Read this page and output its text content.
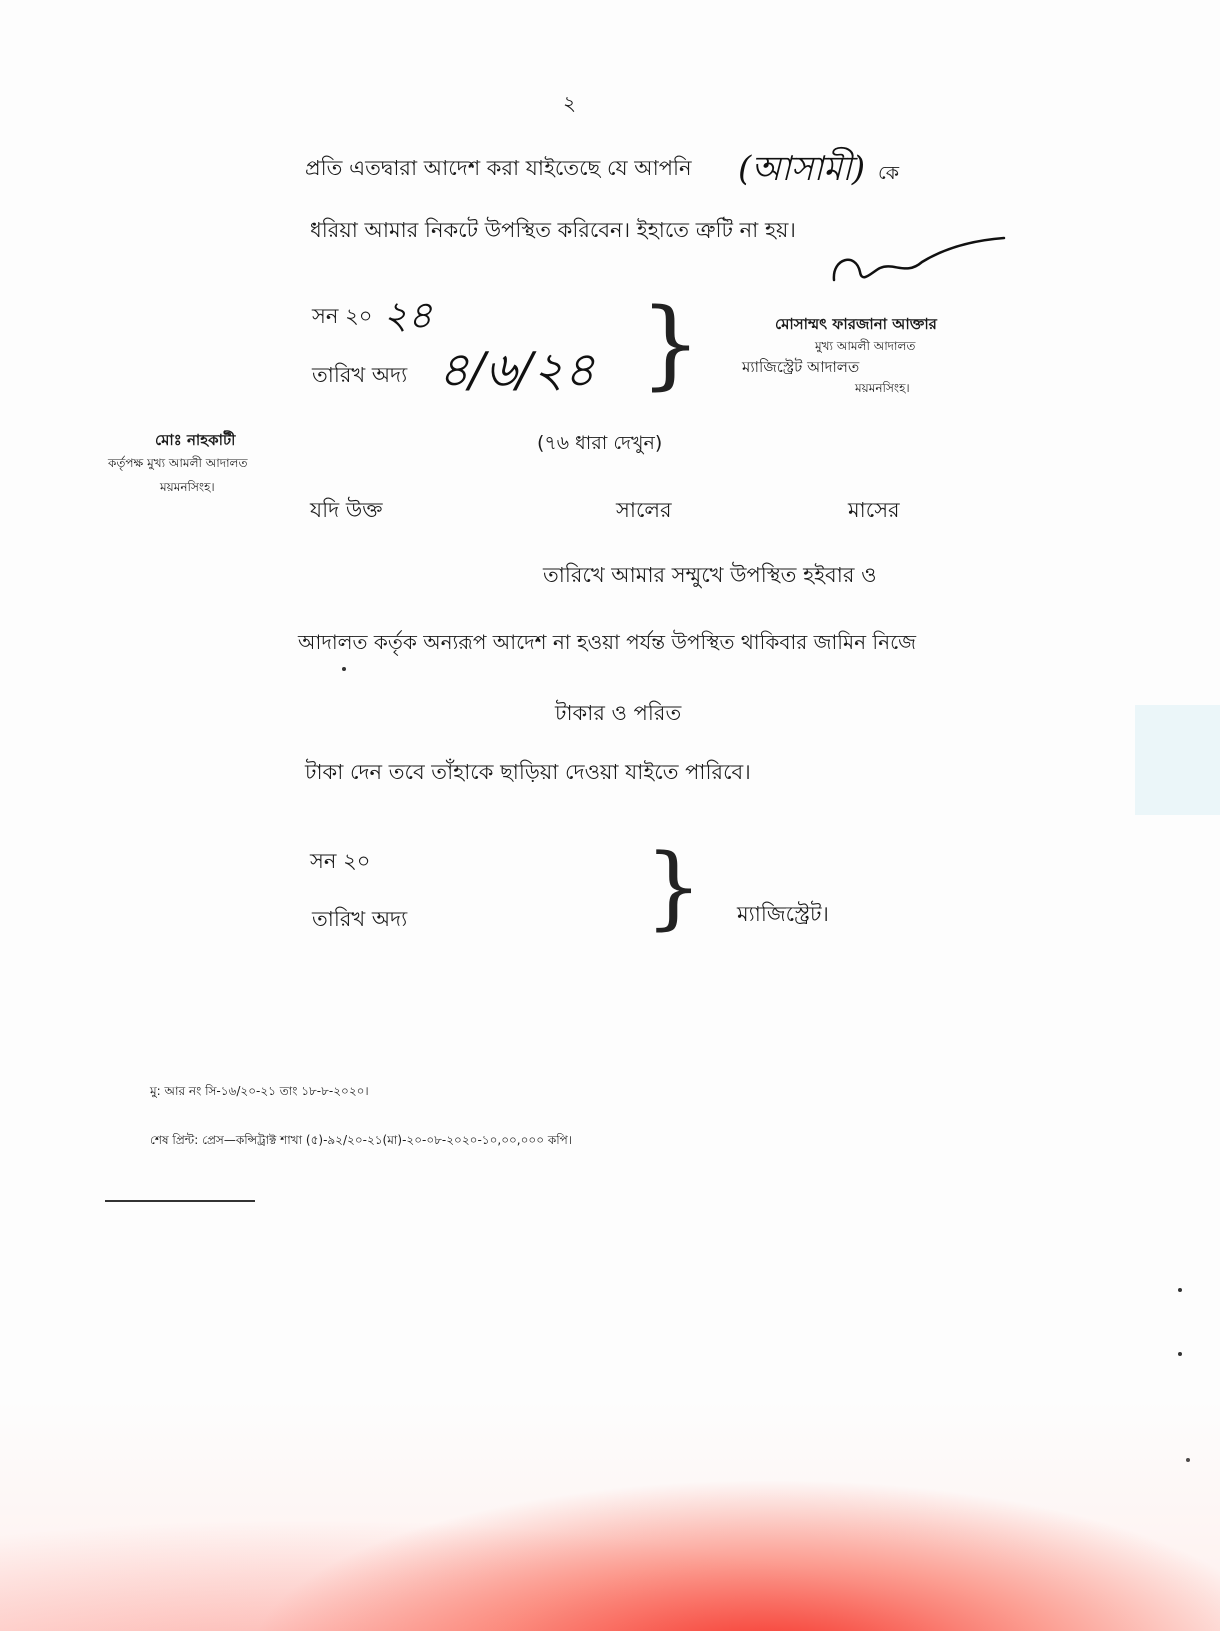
২
প্রতি এতদ্বারা আদেশ করা যাইতেছে যে আপনি (আসামী) কে
ধরিয়া আমার নিকটে উপস্থিত করিবেন। ইহাতে ত্রুটি না হয়।
সন ২০ ২৪
তারিখ অদ্য ৪/৬/২৪ }	মোসাম্মৎ ফারজানা আক্তার
মুখ্য আমলী আদালত
ম্যাজিস্ট্রেট আদালত
ময়মনসিংহ।
মোঃ নাহকাটী
কর্তৃপক্ষ মুখ্য আমলী আদালত
ময়মনসিংহ।
(৭৬ ধারা দেখুন)
যদি উক্ত	সালের	মাসের
তারিখে আমার সম্মুখে উপস্থিত হইবার ও
আদালত কর্তৃক অন্যরূপ আদেশ না হওয়া পর্যন্ত উপস্থিত থাকিবার জামিন নিজে
টাকার ও পরিত
টাকা দেন তবে তাঁহাকে ছাড়িয়া দেওয়া যাইতে পারিবে।
সন ২০
তারিখ অদ্য	} ম্যাজিস্ট্রেট।
মু: আর নং সি-১৬/২০-২১ তাং ১৮-৮-২০২০।
শেষ প্রিন্ট: প্রেস—কন্সিট্রাক্ট শাখা (৫)-৯২/২০-২১(মা)-২০-০৮-২০২০-১০,০০,০০০ কপি।
